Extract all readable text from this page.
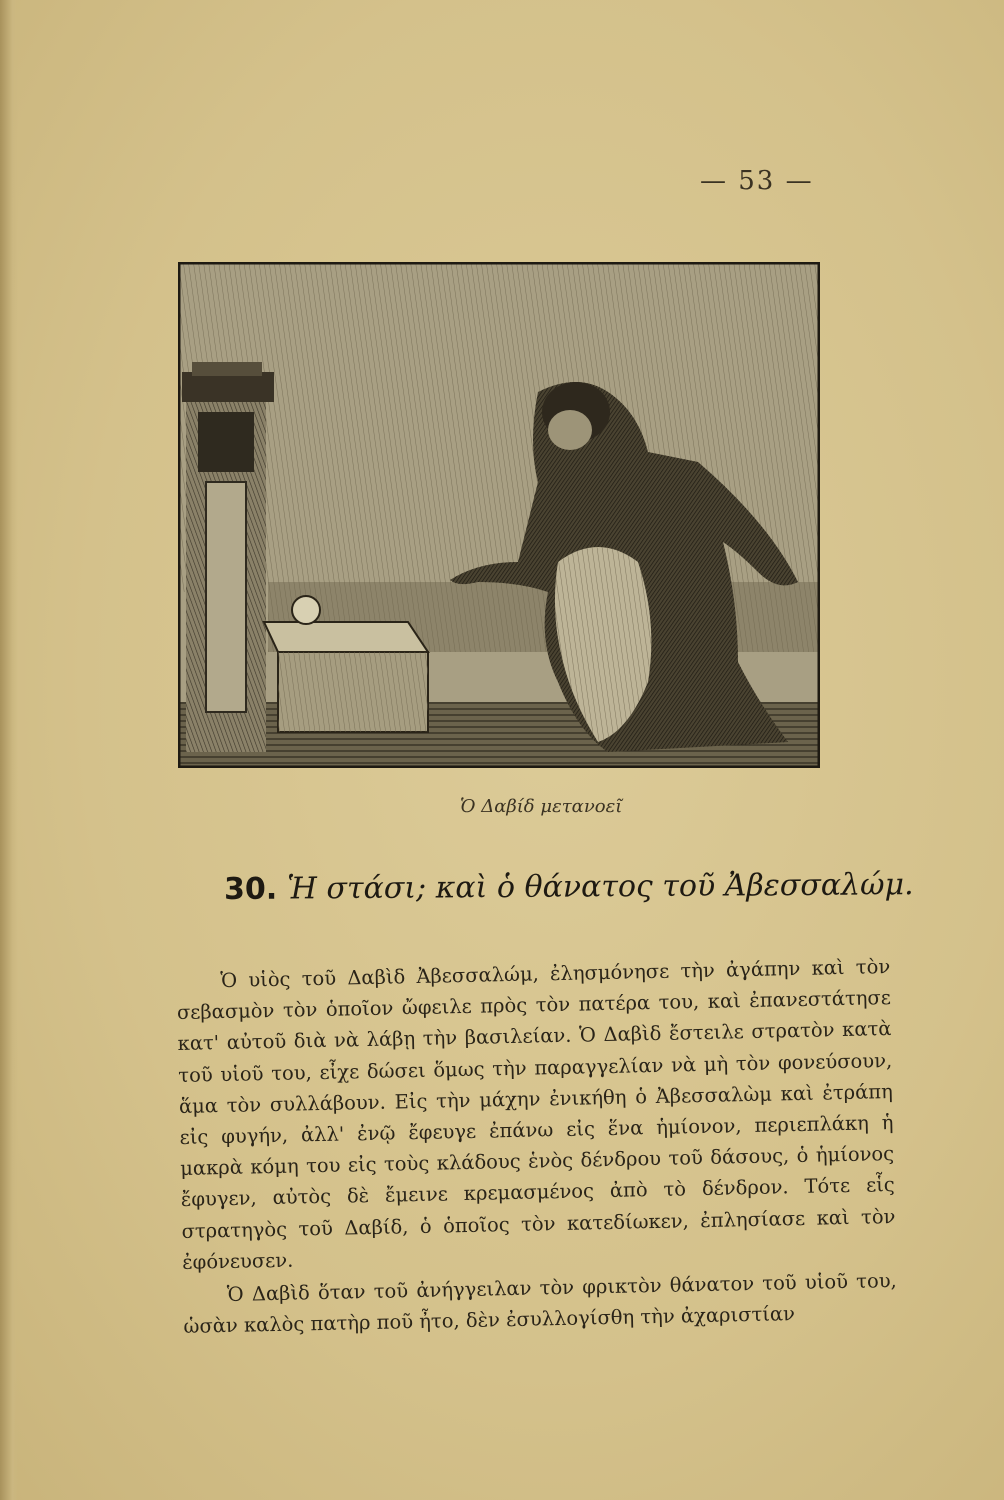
— 53 —
Ὁ Δαβίδ μετανοεῖ
30. Ἡ στάσι; καὶ ὁ θάνατος τοῦ Ἀβεσσαλώμ.

Ὁ υἱὸς τοῦ Δαβὶδ Ἀβεσσαλώμ, ἐλησμόνησε τὴν ἀγάπην καὶ τὸν σεβασμὸν τὸν ὁποῖον ὤφειλε πρὸς τὸν πατέρα του, καὶ ἐπανεστάτησε κατ' αὐτοῦ διὰ νὰ λάβῃ τὴν βασιλείαν. Ὁ Δαβὶδ ἔστειλε στρατὸν κατὰ τοῦ υἱοῦ του, εἶχε δώσει ὅμως τὴν παραγγελίαν νὰ μὴ τὸν φονεύσουν, ἅμα τὸν συλλάβουν. Εἰς τὴν μάχην ἐνικήθη ὁ Ἀβεσσαλὼμ καὶ ἐτράπη εἰς φυγήν, ἀλλ' ἐνῷ ἔφευγε ἐπάνω εἰς ἕνα ἡμίονον, περιεπλάκη ἡ μακρὰ κόμη του εἰς τοὺς κλάδους ἑνὸς δένδρου τοῦ δάσους, ὁ ἡμίονος ἔφυγεν, αὐτὸς δὲ ἔμεινε κρεμασμένος ἀπὸ τὸ δένδρον. Τότε εἷς στρατηγὸς τοῦ Δαβίδ, ὁ ὁποῖος τὸν κατεδίωκεν, ἐπλησίασε καὶ τὸν ἐφόνευσεν.

Ὁ Δαβὶδ ὅταν τοῦ ἀνήγγειλαν τὸν φρικτὸν θάνατον τοῦ υἱοῦ του, ὡσὰν καλὸς πατὴρ ποῦ ἦτο, δὲν ἐσυλλογίσθη τὴν ἀχαριστίαν
